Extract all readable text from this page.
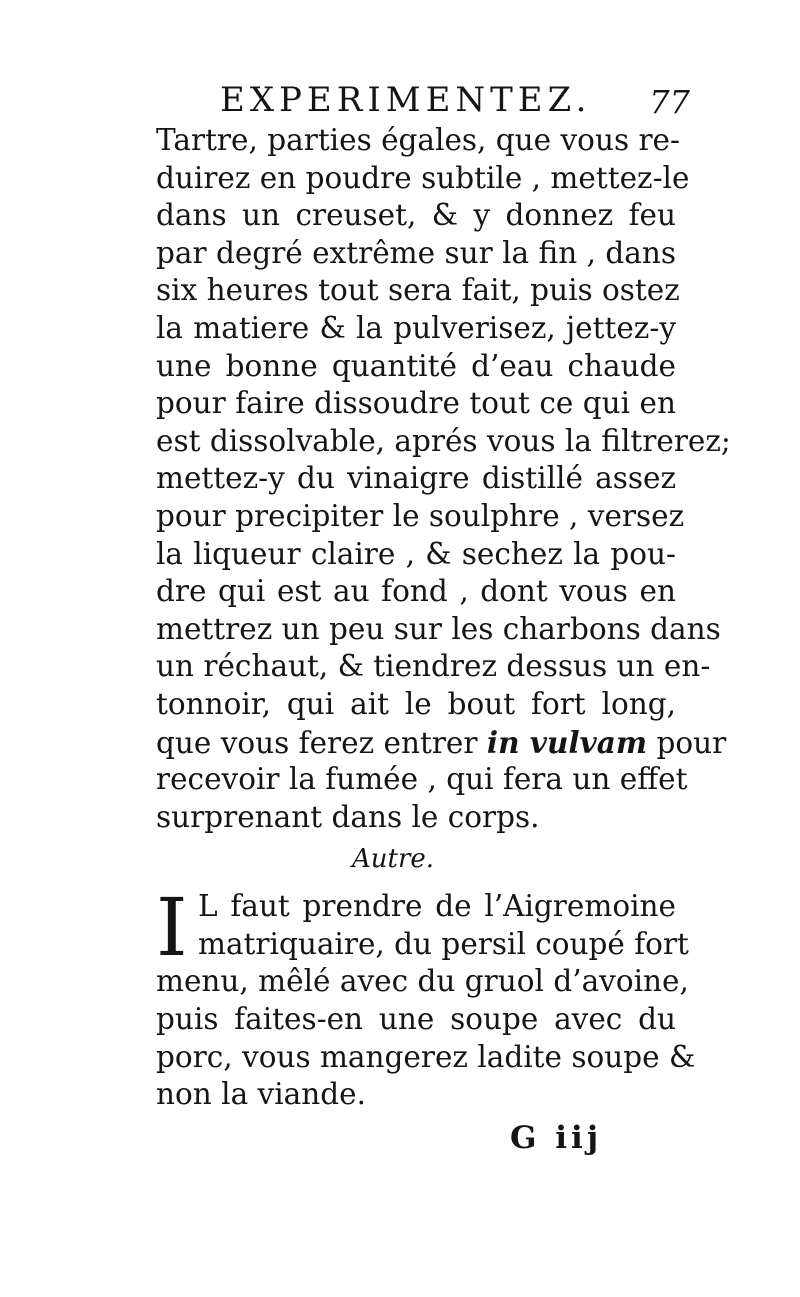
EXPERIMENTEZ. 77
Tartre, parties égales, que vous re-
duirez en poudre subtile , mettez-le
dans un creuset, & y donnez feu
par degré extrême sur la fin , dans
six heures tout sera fait, puis ostez
la matiere & la pulverisez, jettez-y
une bonne quantité d’eau chaude
pour faire dissoudre tout ce qui en
est dissolvable, aprés vous la filtrerez;
mettez-y du vinaigre distillé assez
pour precipiter le soulphre , versez
la liqueur claire , & sechez la pou-
dre qui est au fond , dont vous en
mettrez un peu sur les charbons dans
un réchaut, & tiendrez dessus un en-
tonnoir, qui ait le bout fort long,
que vous ferez entrer in vulvam pour
recevoir la fumée , qui fera un effet
surprenant dans le corps.
Autre.
I L faut prendre de l’Aigremoine
matriquaire, du persil coupé fort
menu, mêlé avec du gruol d’avoine,
puis faites-en une soupe avec du
porc, vous mangerez ladite soupe &
non la viande.
G iij
